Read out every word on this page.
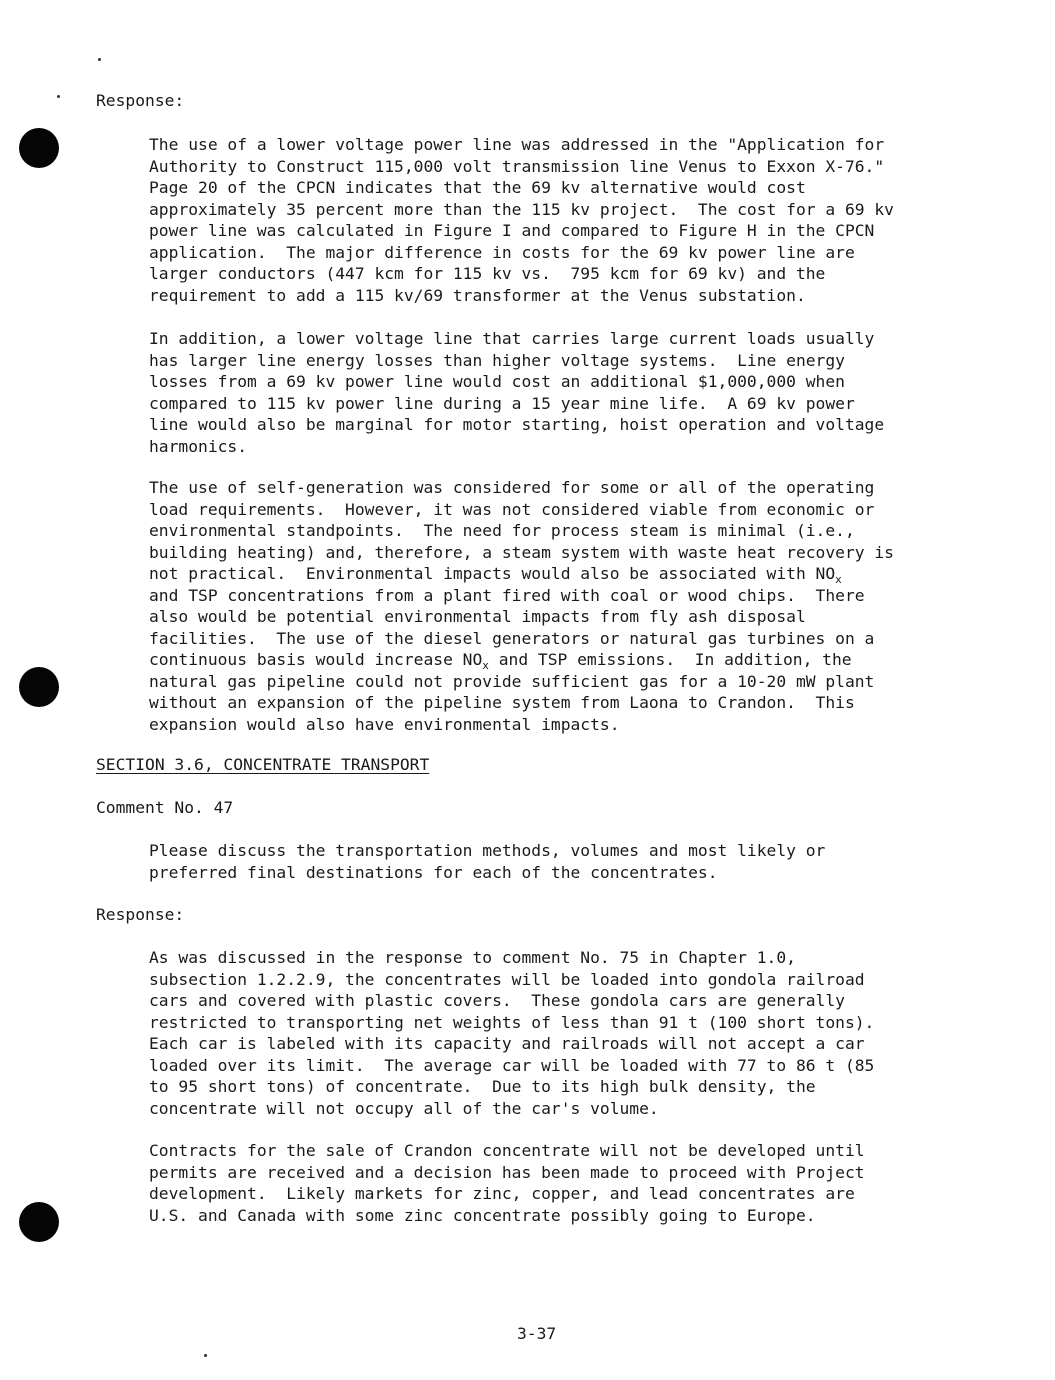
Response:
The use of a lower voltage power line was addressed in the "Application for
Authority to Construct 115,000 volt transmission line Venus to Exxon X-76."
Page 20 of the CPCN indicates that the 69 kv alternative would cost
approximately 35 percent more than the 115 kv project.  The cost for a 69 kv
power line was calculated in Figure I and compared to Figure H in the CPCN
application.  The major difference in costs for the 69 kv power line are
larger conductors (447 kcm for 115 kv vs.  795 kcm for 69 kv) and the
requirement to add a 115 kv/69 transformer at the Venus substation.
In addition, a lower voltage line that carries large current loads usually
has larger line energy losses than higher voltage systems.  Line energy
losses from a 69 kv power line would cost an additional $1,000,000 when
compared to 115 kv power line during a 15 year mine life.  A 69 kv power
line would also be marginal for motor starting, hoist operation and voltage
harmonics.
The use of self-generation was considered for some or all of the operating
load requirements.  However, it was not considered viable from economic or
environmental standpoints.  The need for process steam is minimal (i.e.,
building heating) and, therefore, a steam system with waste heat recovery is
not practical.  Environmental impacts would also be associated with $NO_x$
and TSP concentrations from a plant fired with coal or wood chips.  There
also would be potential environmental impacts from fly ash disposal
facilities.  The use of the diesel generators or natural gas turbines on a
continuous basis would increase $NO_x$ and TSP emissions.  In addition, the
natural gas pipeline could not provide sufficient gas for a 10-20 mW plant
without an expansion of the pipeline system from Laona to Crandon.  This
expansion would also have environmental impacts.
SECTION 3.6, CONCENTRATE TRANSPORT
Comment No. 47
Please discuss the transportation methods, volumes and most likely or
preferred final destinations for each of the concentrates.
Response:
As was discussed in the response to comment No. 75 in Chapter 1.0,
subsection 1.2.2.9, the concentrates will be loaded into gondola railroad
cars and covered with plastic covers.  These gondola cars are generally
restricted to transporting net weights of less than 91 t (100 short tons).
Each car is labeled with its capacity and railroads will not accept a car
loaded over its limit.  The average car will be loaded with 77 to 86 t (85
to 95 short tons) of concentrate.  Due to its high bulk density, the
concentrate will not occupy all of the car's volume.
Contracts for the sale of Crandon concentrate will not be developed until
permits are received and a decision has been made to proceed with Project
development.  Likely markets for zinc, copper, and lead concentrates are
U.S. and Canada with some zinc concentrate possibly going to Europe.
3-37
